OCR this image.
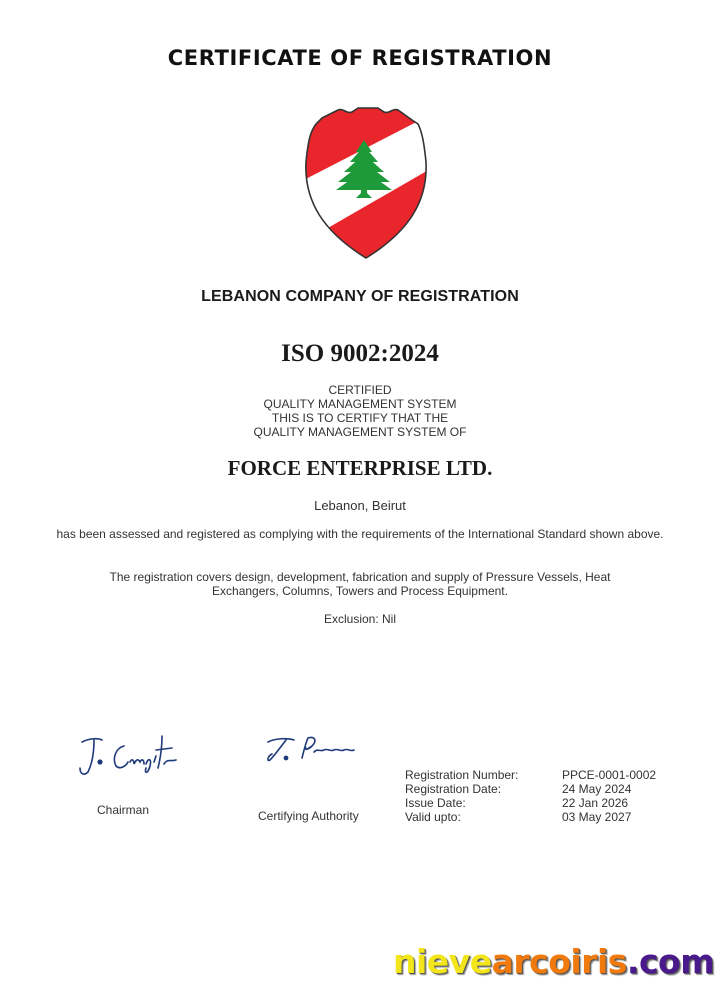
CERTIFICATE OF REGISTRATION
LEBANON COMPANY OF REGISTRATION
ISO 9002:2024
CERTIFIED
QUALITY MANAGEMENT SYSTEM
THIS IS TO CERTIFY THAT THE
QUALITY MANAGEMENT SYSTEM OF
FORCE ENTERPRISE LTD.
Lebanon, Beirut
has been assessed and registered as complying with the requirements of the International Standard shown above.
The registration covers design, development, fabrication and supply of Pressure Vessels, Heat
Exchangers, Columns, Towers and Process Equipment.
Exclusion: Nil
Chairman	Certifying Authority
Registration Number:	PPCE-0001-0002
Registration Date:	24 May 2024
Issue Date:	22 Jan 2026
Valid upto:	03 May 2027
nievearcoiris.com
